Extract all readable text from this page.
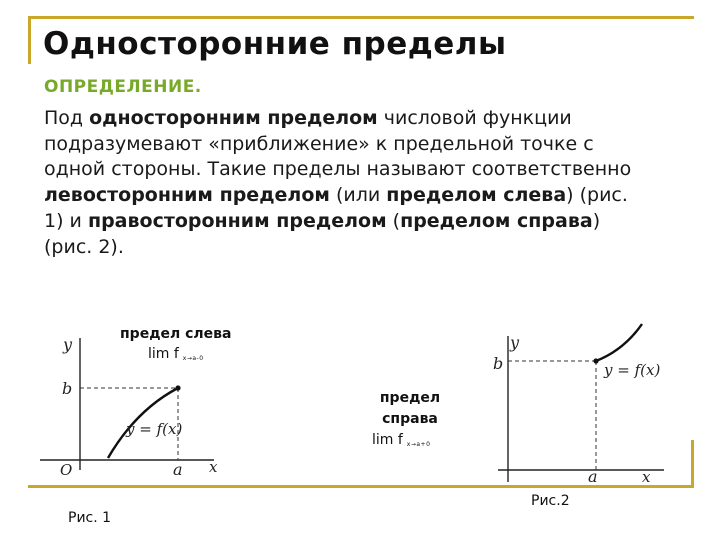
Односторонние пределы
ОПРЕДЕЛЕНИЕ.
Под односторонним пределом числовой функции подразумевают «приближение» к предельной точке с одной стороны. Такие пределы называют соответственно левосторонним пределом (или пределом слева) (рис. 1) и правосторонним пределом (пределом справа) (рис. 2).
y
b
y = f(x)
O	a x
предел слева
lim f $_{x\to a-0}$
предел
справа
lim f $_{x\to a+0}$
y
b	y = f(x)
a	x
Рис. 1
Рис.2
